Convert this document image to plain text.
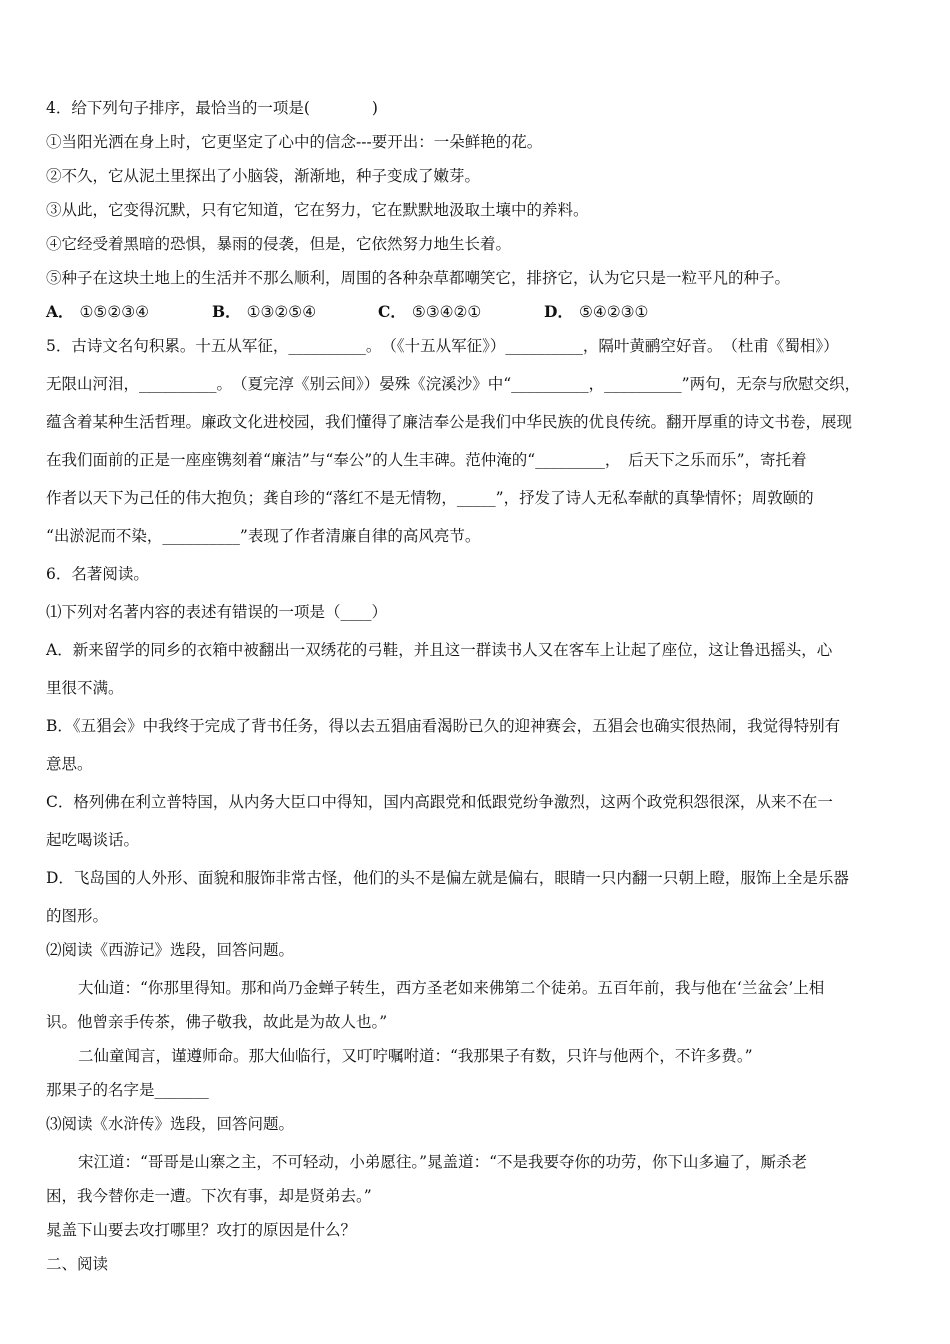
4．给下列句子排序，最恰当的一项是(　　　　)

①当阳光洒在身上时，它更坚定了心中的信念---要开出：一朵鲜艳的花。

②不久，它从泥土里探出了小脑袋，渐渐地，种子变成了嫩芽。

③从此，它变得沉默，只有它知道，它在努力，它在默默地汲取土壤中的养料。

④它经受着黑暗的恐惧，暴雨的侵袭，但是，它依然努力地生长着。

⑤种子在这块土地上的生活并不那么顺利，周围的各种杂草都嘲笑它，排挤它，认为它只是一粒平凡的种子。

A． ①⑤②③④	B． ①③②⑤④	C． ⑤③④②①	D． ⑤④②③①

5．古诗文名句积累。十五从军征，__________。　（《十五从军征》）__________，隔叶黄鹂空好音。　（杜甫《蜀相》）

无限山河泪，__________。　（夏完淳《别云间》）晏殊《浣溪沙》中“__________，__________”两句，无奈与欣慰交织，

蕴含着某种生活哲理。廉政文化进校园，我们懂得了廉洁奉公是我们中华民族的优良传统。翻开厚重的诗文书卷，展现

在我们面前的正是一座座镌刻着“廉洁”与“奉公”的人生丰碑。范仲淹的“_________，　后天下之乐而乐”，寄托着

作者以天下为己任的伟大抱负；龚自珍的“落红不是无情物，_____”，抒发了诗人无私奉献的真挚情怀；周敦颐的

“出淤泥而不染，__________”表现了作者清廉自律的高风亮节。

6．名著阅读。

⑴下列对名著内容的表述有错误的一项是（____）

A．新来留学的同乡的衣箱中被翻出一双绣花的弓鞋，并且这一群读书人又在客车上让起了座位，这让鲁迅摇头，心

里很不满。

B．《五猖会》中我终于完成了背书任务，得以去五猖庙看渴盼已久的迎神赛会，五猖会也确实很热闹，我觉得特别有

意思。

C．格列佛在利立普特国，从内务大臣口中得知，国内高跟党和低跟党纷争激烈，这两个政党积怨很深，从来不在一

起吃喝谈话。

D．飞岛国的人外形、面貌和服饰非常古怪，他们的头不是偏左就是偏右，眼睛一只内翻一只朝上瞪，服饰上全是乐器

的图形。

⑵阅读《西游记》选段，回答问题。

大仙道：“你那里得知。那和尚乃金蝉子转生，西方圣老如来佛第二个徒弟。五百年前，我与他在‘兰盆会’上相

识。他曾亲手传茶，佛子敬我，故此是为故人也。”

二仙童闻言，谨遵师命。那大仙临行，又叮咛嘱咐道：“我那果子有数，只许与他两个，不许多费。”

那果子的名字是_______

⑶阅读《水浒传》选段，回答问题。

宋江道：“哥哥是山寨之主，不可轻动，小弟愿往。”晁盖道：“不是我要夺你的功劳，你下山多遍了，厮杀老

困，我今替你走一遭。下次有事，却是贤弟去。”

晁盖下山要去攻打哪里？攻打的原因是什么？

二、阅读
